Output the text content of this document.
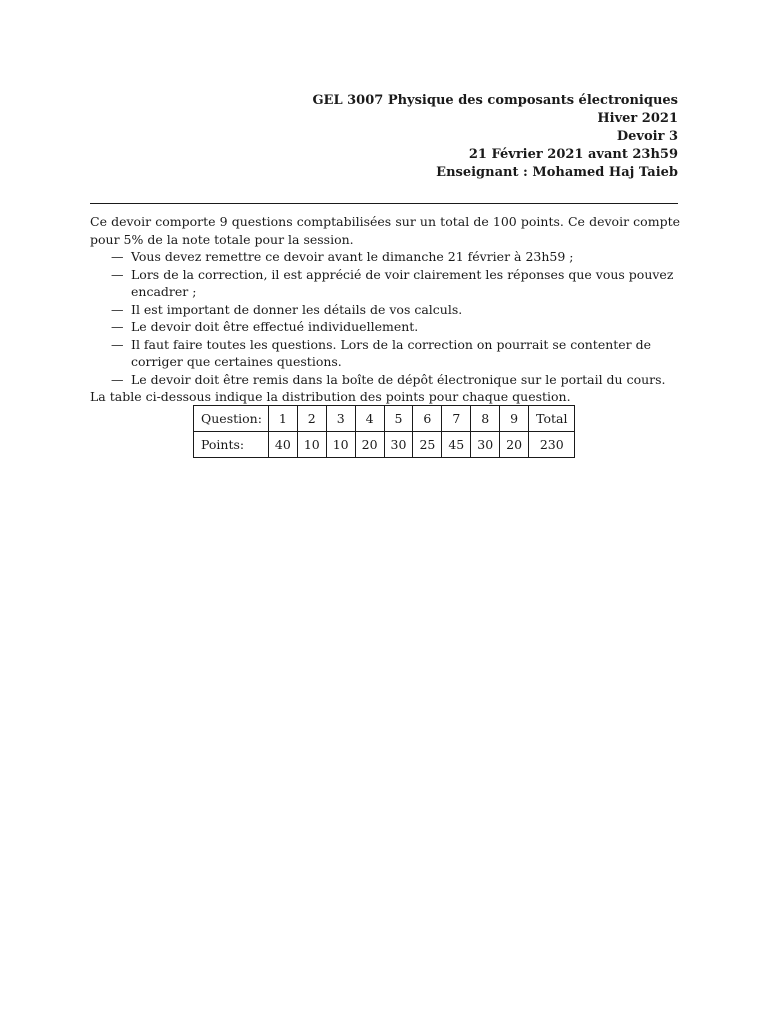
GEL 3007 Physique des composants électroniques
Hiver 2021
Devoir 3
21 Février 2021 avant 23h59
Enseignant : Mohamed Haj Taieb

Ce devoir comporte 9 questions comptabilisées sur un total de 100 points. Ce devoir compte pour 5% de la note totale pour la session.

— Vous devez remettre ce devoir avant le dimanche 21 février à 23h59 ;
— Lors de la correction, il est apprécié de voir clairement les réponses que vous pouvez encadrer ;
— Il est important de donner les détails de vos calculs.
— Le devoir doit être effectué individuellement.
— Il faut faire toutes les questions. Lors de la correction on pourrait se contenter de corriger que certaines questions.
— Le devoir doit être remis dans la boîte de dépôt électronique sur le portail du cours.

La table ci-dessous indique la distribution des points pour chaque question.

Question:	1	2	3	4	5	6	7	8	9	Total
Points:	40	10	10	20	30	25	45	30	20	230
